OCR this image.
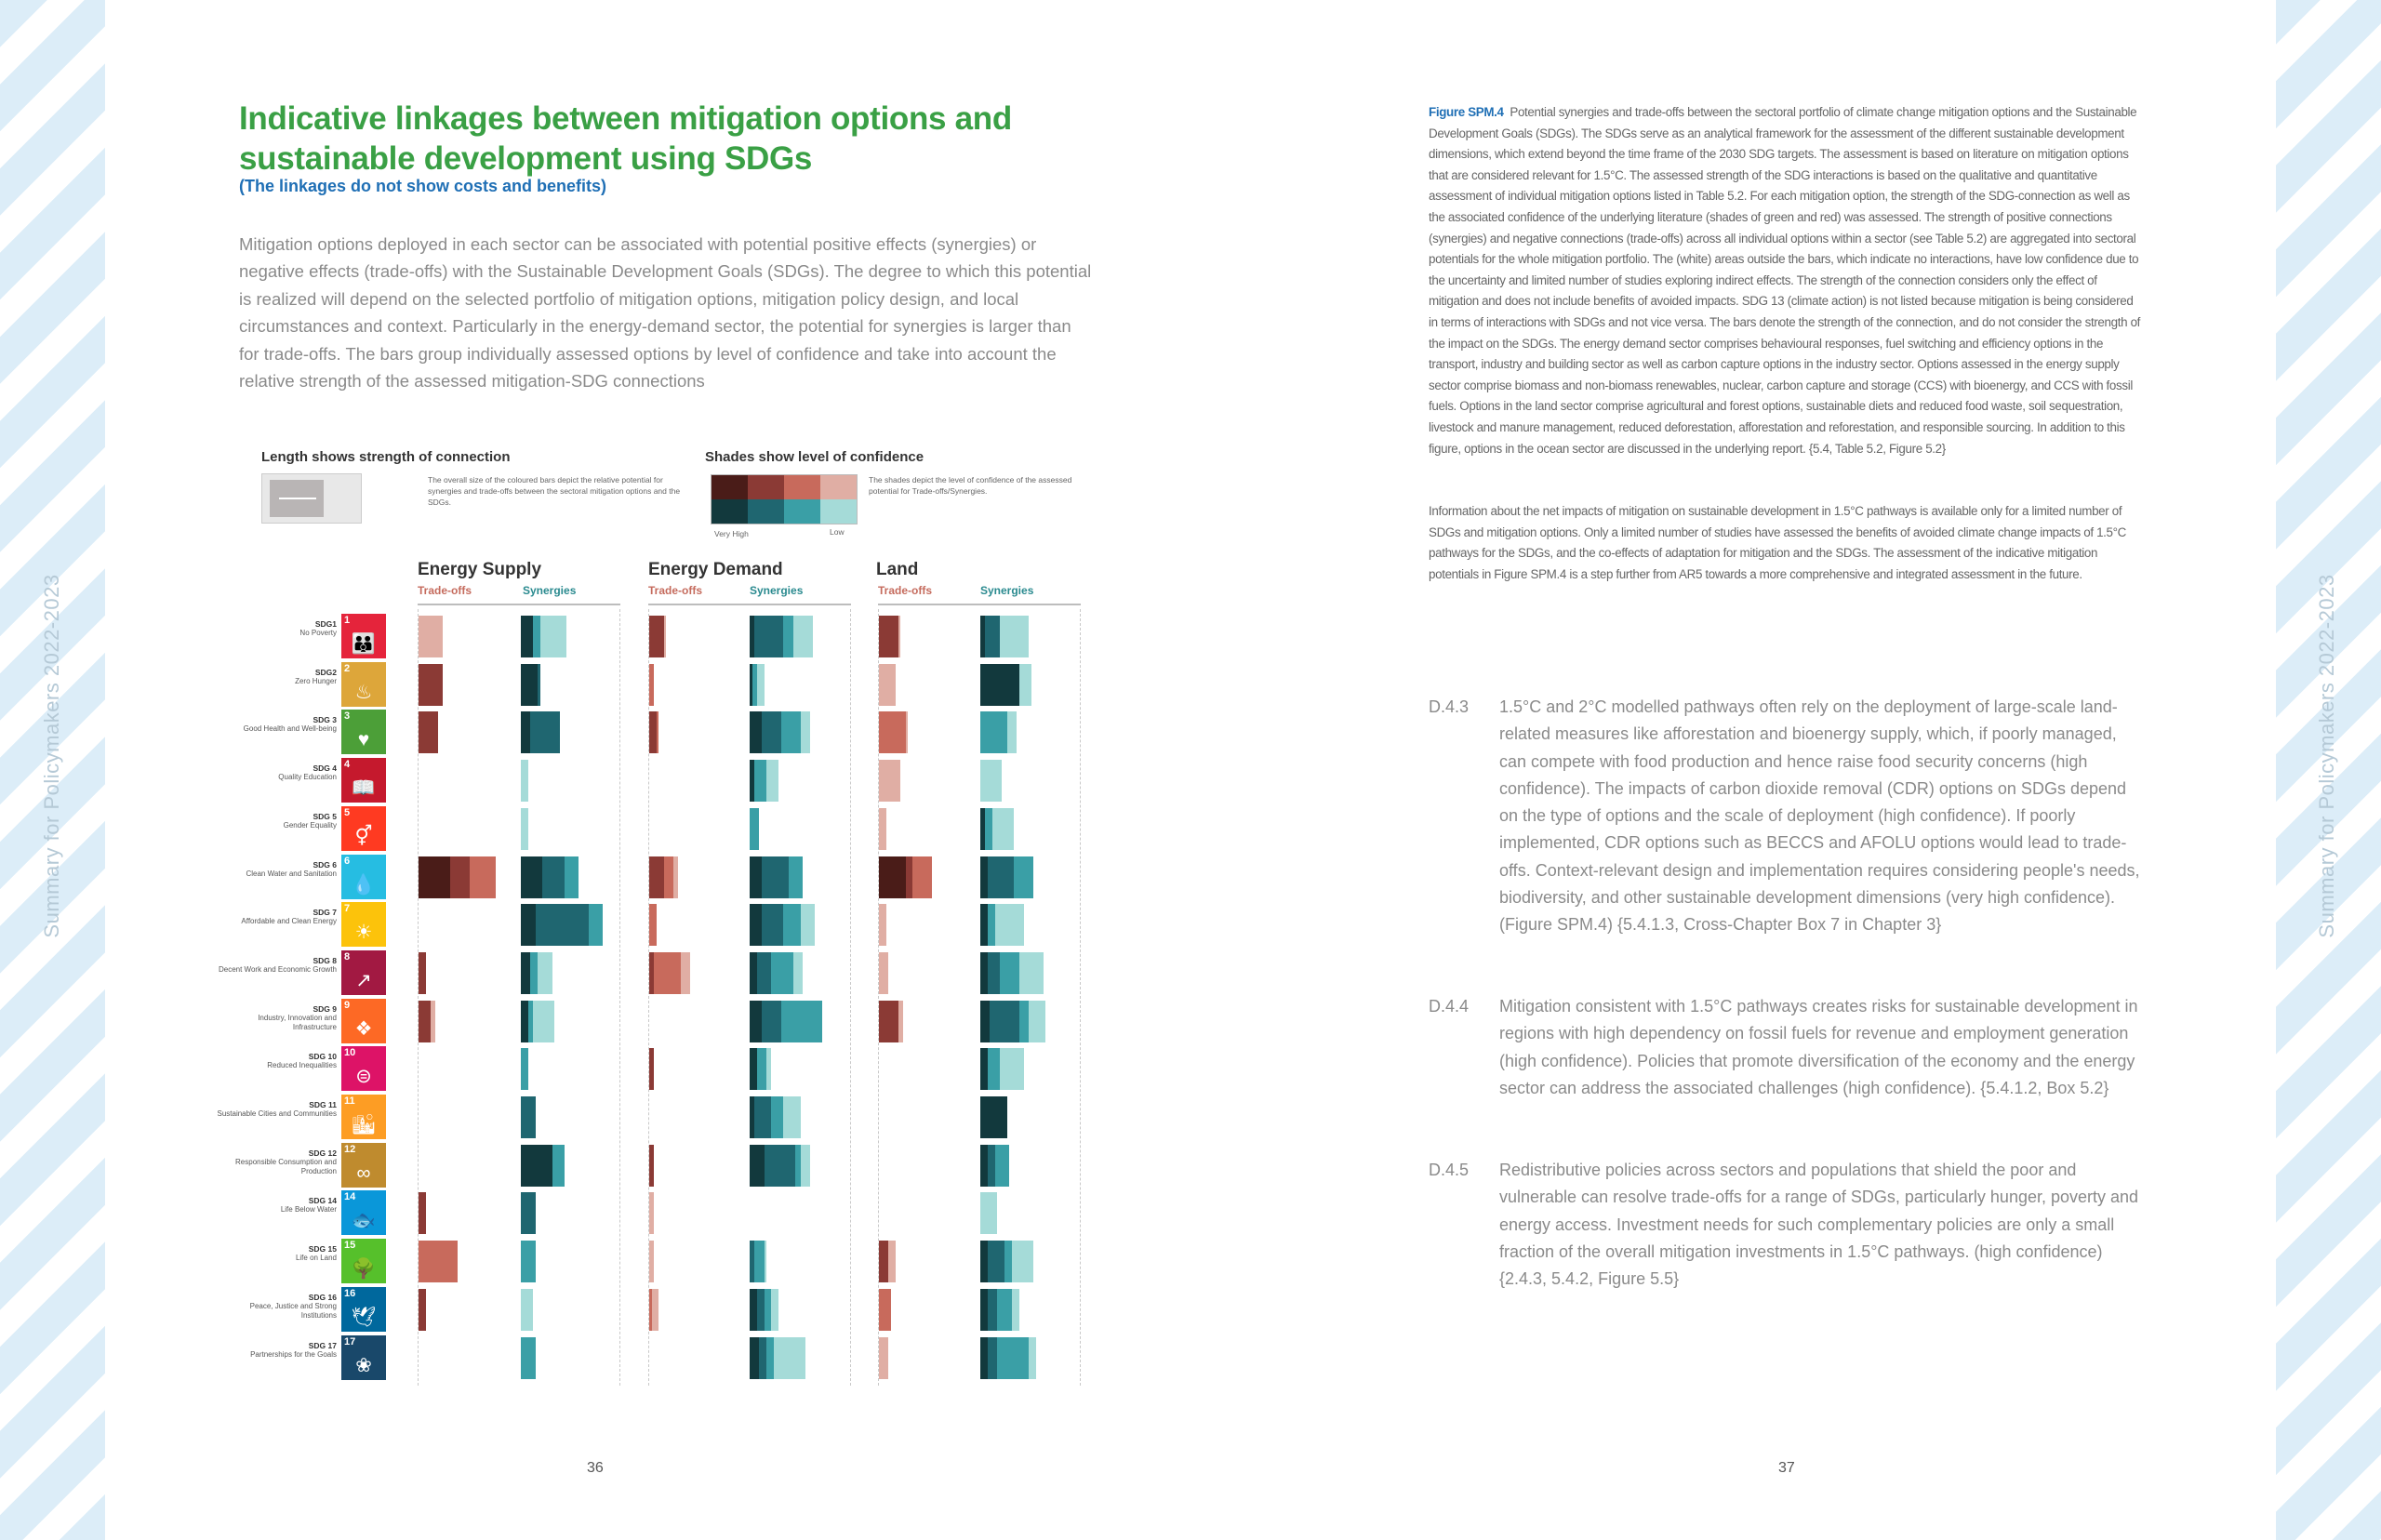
Summary for Policymakers 2022-2023	Summary for Policymakers 2022-2023
Indicative linkages between mitigation options and sustainable development using SDGs
(The linkages do not show costs and benefits)
Mitigation options deployed in each sector can be associated with potential positive effects (synergies) or negative effects (trade-offs) with the Sustainable Development Goals (SDGs). The degree to which this potential is realized will depend on the selected portfolio of mitigation options, mitigation policy design, and local circumstances and context. Particularly in the energy-demand sector, the potential for synergies is larger than for trade-offs. The bars group individually assessed options by level of confidence and take into account the relative strength of the assessed mitigation-SDG connections
Length shows strength of connection
The overall size of the coloured bars depict the relative potential for synergies and trade-offs between the sectoral mitigation options and the SDGs.
Shades show level of confidence
The shades depict the level of confidence of the assessed potential for Trade-offs/Synergies.
Very High	Low
Energy Supply	Energy Demand	Land
Trade-offs	Synergies	Trade-offs	Synergies	Trade-offs	Synergies
SDG1
No Poverty
1
👪
SDG2
Zero Hunger
2
♨
SDG 3
Good Health and Well-being
3
♥
SDG 4
Quality Education
4
📖
SDG 5
Gender Equality
5
⚥
SDG 6
Clean Water and Sanitation
6
💧
SDG 7
Affordable and Clean Energy
7
☀
SDG 8
Decent Work and Economic Growth
8
↗
SDG 9
Industry, Innovation and Infrastructure
9
❖
SDG 10
Reduced Inequalities
10
⊜
SDG 11
Sustainable Cities and Communities
11
🏙
SDG 12
Responsible Consumption and Production
12
∞
SDG 14
Life Below Water
14
🐟
SDG 15
Life on Land
15
🌳
SDG 16
Peace, Justice and Strong Institutions
16
🕊
SDG 17
Partnerships for the Goals
17
❀
36
Figure SPM.4 Potential synergies and trade-offs between the sectoral portfolio of climate change mitigation options and the Sustainable Development Goals (SDGs). The SDGs serve as an analytical framework for the assessment of the different sustainable development dimensions, which extend beyond the time frame of the 2030 SDG targets. The assessment is based on literature on mitigation options that are considered relevant for 1.5°C. The assessed strength of the SDG interactions is based on the qualitative and quantitative assessment of individual mitigation options listed in Table 5.2. For each mitigation option, the strength of the SDG-connection as well as the associated confidence of the underlying literature (shades of green and red) was assessed. The strength of positive connections (synergies) and negative connections (trade-offs) across all individual options within a sector (see Table 5.2) are aggregated into sectoral potentials for the whole mitigation portfolio. The (white) areas outside the bars, which indicate no interactions, have low confidence due to the uncertainty and limited number of studies exploring indirect effects. The strength of the connection considers only the effect of mitigation and does not include benefits of avoided impacts. SDG 13 (climate action) is not listed because mitigation is being considered in terms of interactions with SDGs and not vice versa. The bars denote the strength of the connection, and do not consider the strength of the impact on the SDGs. The energy demand sector comprises behavioural responses, fuel switching and efficiency options in the transport, industry and building sector as well as carbon capture options in the industry sector. Options assessed in the energy supply sector comprise biomass and non-biomass renewables, nuclear, carbon capture and storage (CCS) with bioenergy, and CCS with fossil fuels. Options in the land sector comprise agricultural and forest options, sustainable diets and reduced food waste, soil sequestration, livestock and manure management, reduced deforestation, afforestation and reforestation, and responsible sourcing. In addition to this figure, options in the ocean sector are discussed in the underlying report. {5.4, Table 5.2, Figure 5.2}
Information about the net impacts of mitigation on sustainable development in 1.5°C pathways is available only for a limited number of SDGs and mitigation options. Only a limited number of studies have assessed the benefits of avoided climate change impacts of 1.5°C pathways for the SDGs, and the co-effects of adaptation for mitigation and the SDGs. The assessment of the indicative mitigation potentials in Figure SPM.4 is a step further from AR5 towards a more comprehensive and integrated assessment in the future.
D.4.3 1.5°C and 2°C modelled pathways often rely on the deployment of large-scale land-related measures like afforestation and bioenergy supply, which, if poorly managed, can compete with food production and hence raise food security concerns (high confidence). The impacts of carbon dioxide removal (CDR) options on SDGs depend on the type of options and the scale of deployment (high confidence). If poorly implemented, CDR options such as BECCS and AFOLU options would lead to trade-offs. Context-relevant design and implementation requires considering people's needs, biodiversity, and other sustainable development dimensions (very high confidence). (Figure SPM.4) {5.4.1.3, Cross-Chapter Box 7 in Chapter 3}
D.4.4 Mitigation consistent with 1.5°C pathways creates risks for sustainable development in regions with high dependency on fossil fuels for revenue and employment generation (high confidence). Policies that promote diversification of the economy and the energy sector can address the associated challenges (high confidence). {5.4.1.2, Box 5.2}
D.4.5 Redistributive policies across sectors and populations that shield the poor and vulnerable can resolve trade-offs for a range of SDGs, particularly hunger, poverty and energy access. Investment needs for such complementary policies are only a small fraction of the overall mitigation investments in 1.5°C pathways. (high confidence) {2.4.3, 5.4.2, Figure 5.5}
37
